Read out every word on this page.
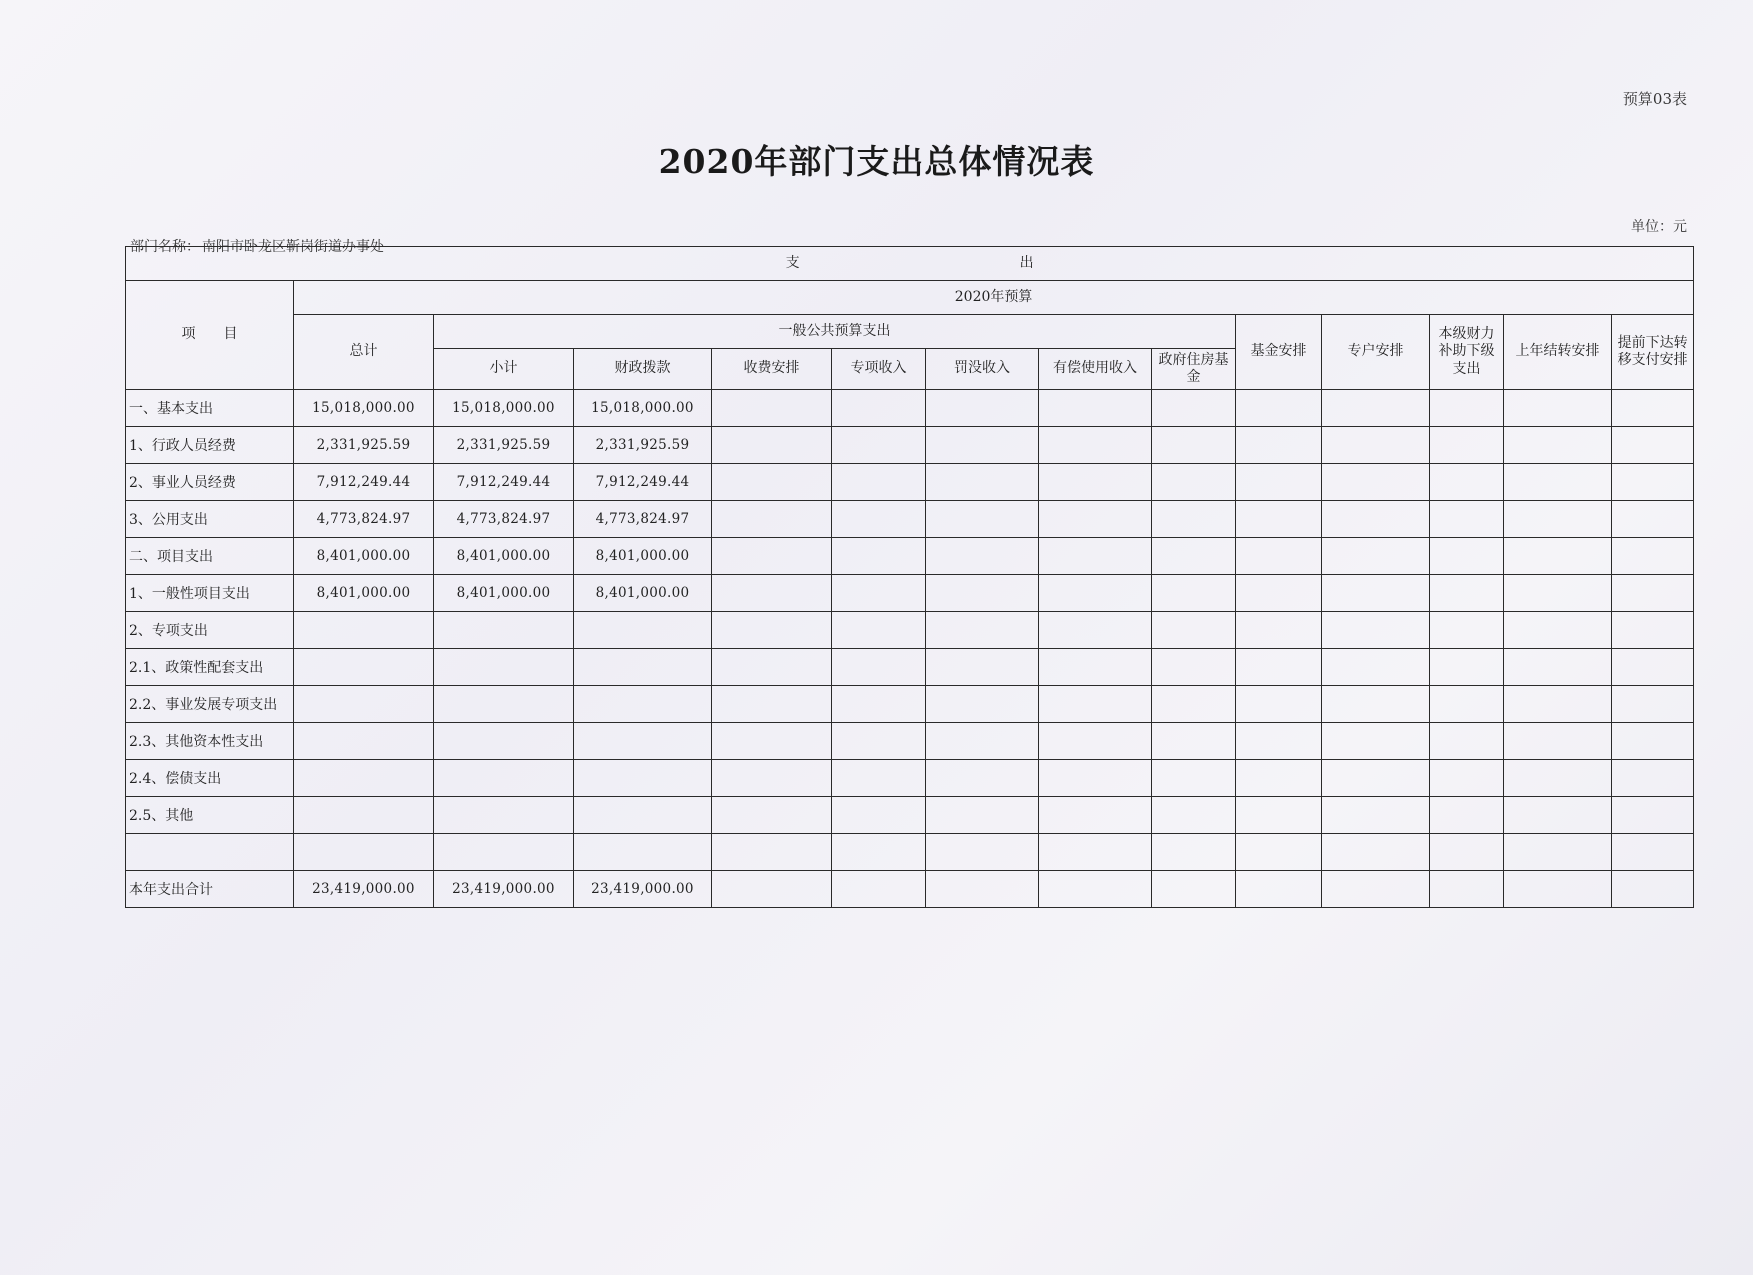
预算03表
2020年部门支出总体情况表
单位：元
部门名称： 南阳市卧龙区靳岗街道办事处
支 出													
项　　目	2020年预算												
	总计	一般公共预算支出							基金安排	专户安排	本级财力补助下级支出	上年结转安排	提前下达转移支付安排
		小计	财政拨款	收费安排	专项收入	罚没收入	有偿使用收入	政府住房基金					

一、基本支出	15,018,000.00	15,018,000.00	15,018,000.00										
1、行政人员经费	2,331,925.59	2,331,925.59	2,331,925.59										
2、事业人员经费	7,912,249.44	7,912,249.44	7,912,249.44										
3、公用支出	4,773,824.97	4,773,824.97	4,773,824.97										
二、项目支出	8,401,000.00	8,401,000.00	8,401,000.00										
1、一般性项目支出	8,401,000.00	8,401,000.00	8,401,000.00										
2、专项支出													
2.1、政策性配套支出													
2.2、事业发展专项支出													
2.3、其他资本性支出													
2.4、偿债支出													
2.5、其他													

本年支出合计	23,419,000.00	23,419,000.00	23,419,000.00										
